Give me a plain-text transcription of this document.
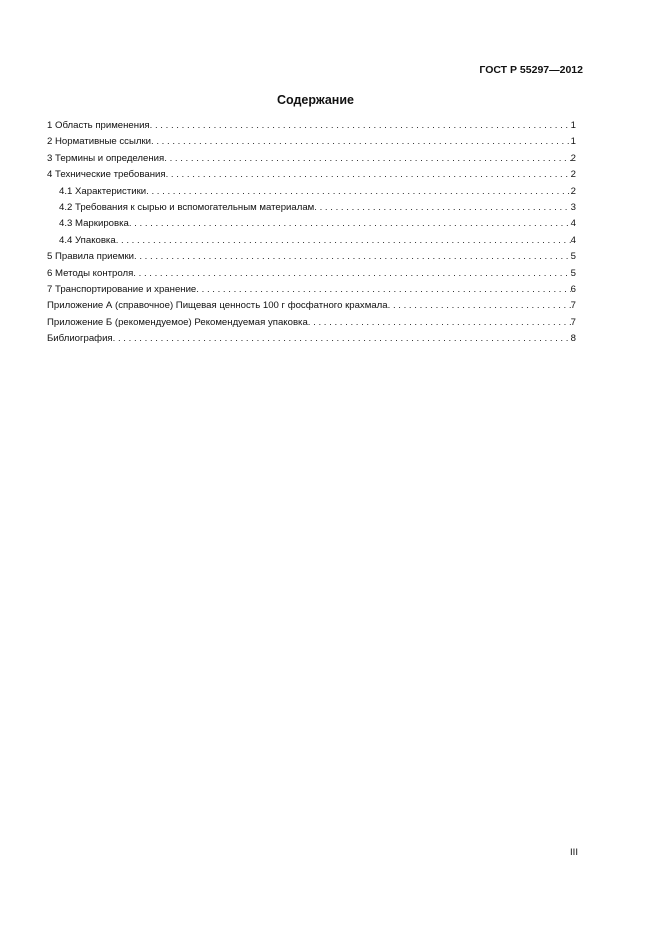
ГОСТ Р 55297—2012
Содержание
1 Область применения . . .	1
2 Нормативные ссылки . . .	1
3 Термины и определения . . .	2
4 Технические требования . . .	2
4.1 Характеристики . . .	2
4.2 Требования к сырью и вспомогательным материалам . . .	3
4.3 Маркировка . . .	4
4.4 Упаковка . . .	4
5 Правила приемки . . .	5
6 Методы контроля . . .	5
7 Транспортирование и хранение . . .	6
Приложение А (справочное) Пищевая ценность 100 г фосфатного крахмала . . .	7
Приложение Б (рекомендуемое) Рекомендуемая упаковка . . .	7
Библиография . . .	8
III
